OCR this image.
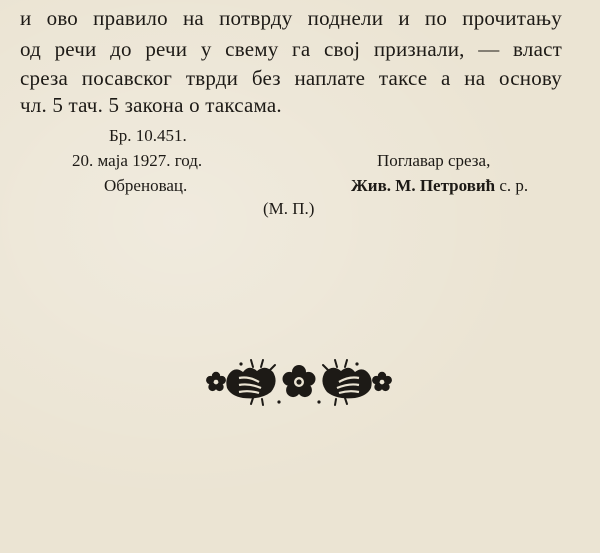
и ово правило на потврду поднели и по прочитању
од речи до речи у свему га свој признали, — власт
среза посавског тврди без наплате таксе а на основу
чл. 5 тач. 5 закона о таксама.
Бр. 10.451.
20. маја 1927. год.
Обреновац.
Поглавар среза,
Жив. М. Петровић с. р.
(М. П.)
